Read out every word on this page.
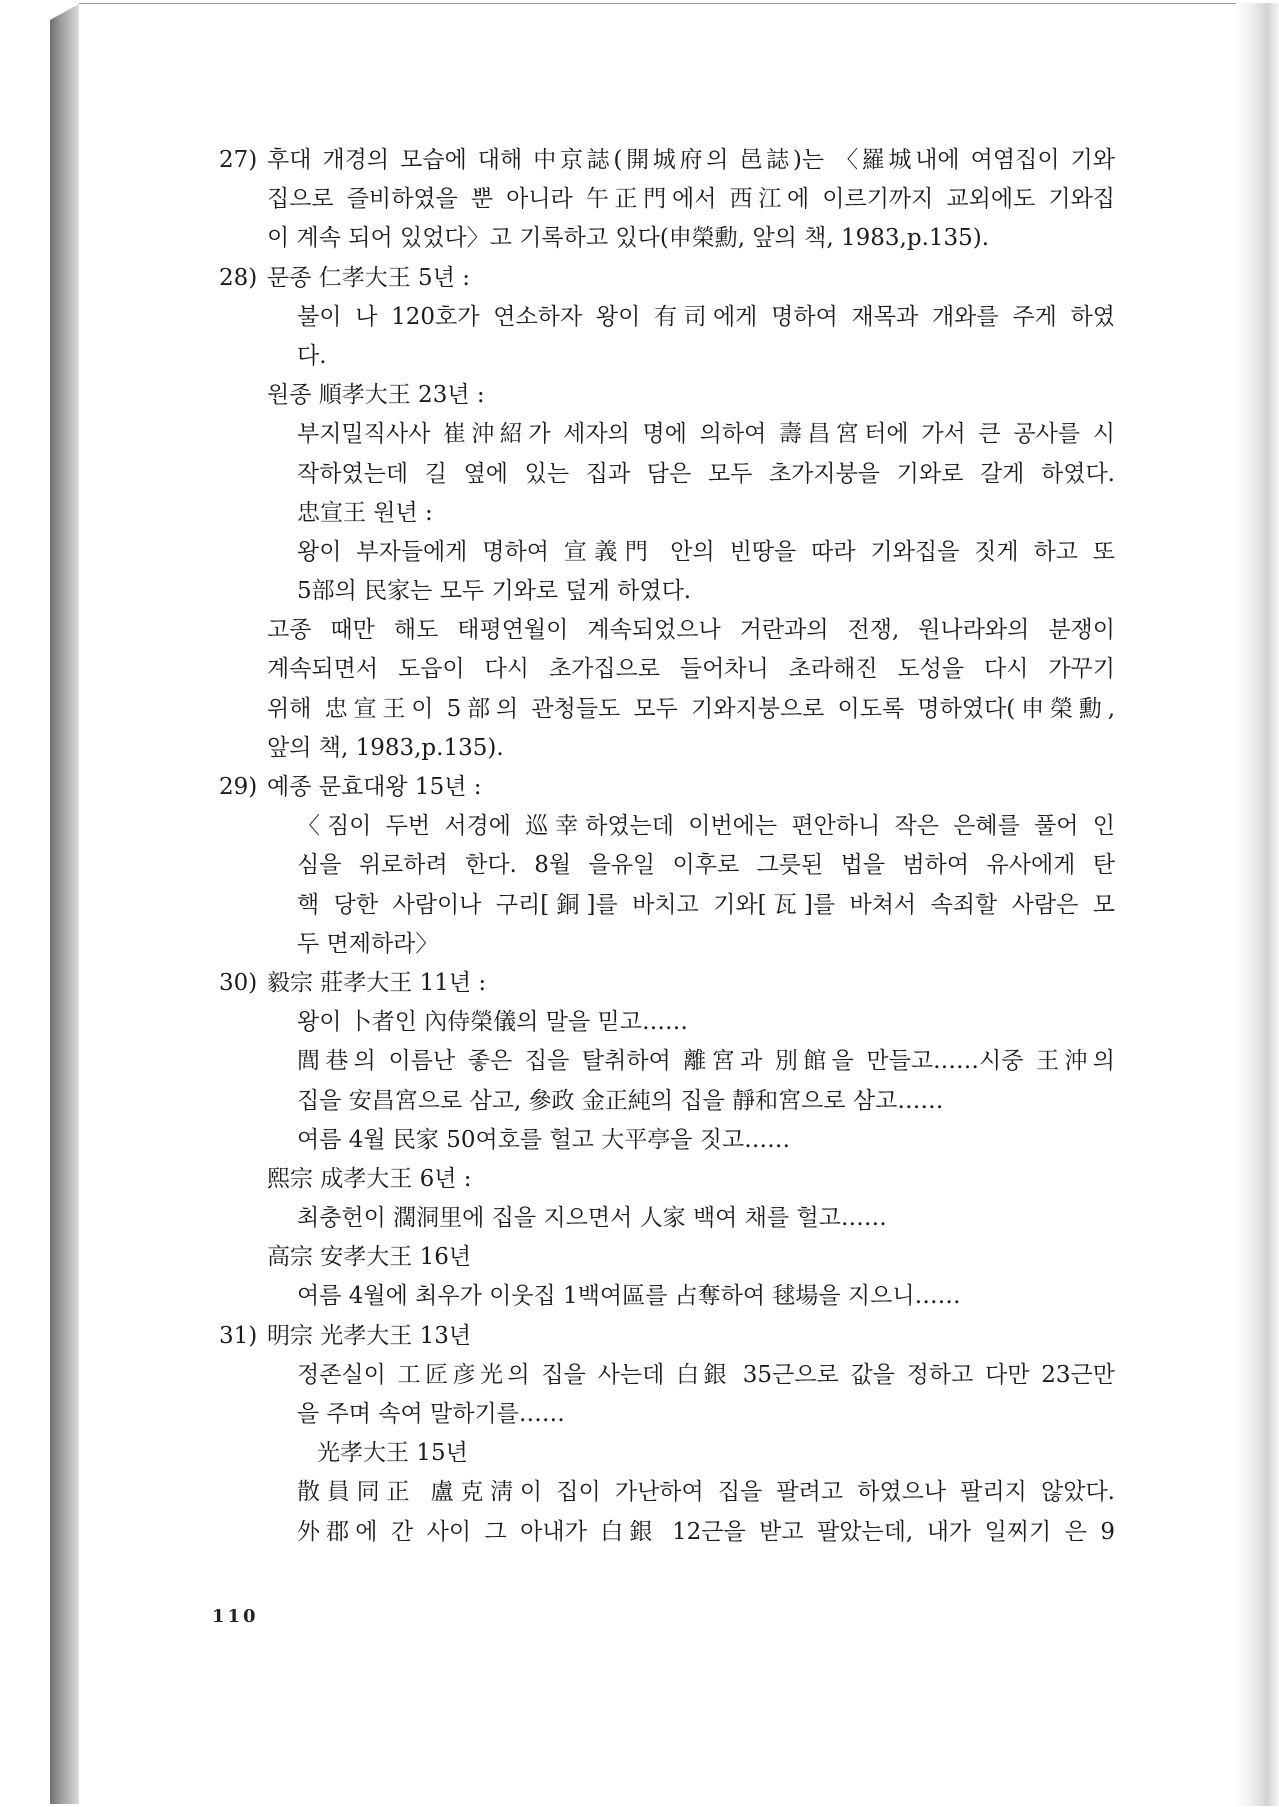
27) 후대 개경의 모습에 대해 中京誌(開城府의 邑誌)는 〈羅城내에 여염집이 기와
집으로 즐비하였을 뿐 아니라 午正門에서 西江에 이르기까지 교외에도 기와집
이 계속 되어 있었다〉고 기록하고 있다(申榮勳, 앞의 책, 1983,p.135).
28) 문종 仁孝大王 5년 :
불이 나 120호가 연소하자 왕이 有司에게 명하여 재목과 개와를 주게 하였
다.
원종 順孝大王 23년 :
부지밀직사사 崔沖紹가 세자의 명에 의하여 壽昌宮터에 가서 큰 공사를 시
작하였는데 길 옆에 있는 집과 담은 모두 초가지붕을 기와로 갈게 하였다.
忠宣王 원년 :
왕이 부자들에게 명하여 宣義門 안의 빈땅을 따라 기와집을 짓게 하고 또
5部의 民家는 모두 기와로 덮게 하였다.
고종 때만 해도 태평연월이 계속되었으나 거란과의 전쟁, 원나라와의 분쟁이
계속되면서 도읍이 다시 초가집으로 들어차니 초라해진 도성을 다시 가꾸기
위해 忠宣王이 5部의 관청들도 모두 기와지붕으로 이도록 명하였다(申榮勳,
앞의 책, 1983,p.135).
29) 예종 문효대왕 15년 :
〈짐이 두번 서경에 巡幸하였는데 이번에는 편안하니 작은 은혜를 풀어 인
심을 위로하려 한다. 8월 을유일 이후로 그릇된 법을 범하여 유사에게 탄
핵 당한 사람이나 구리[銅]를 바치고 기와[瓦]를 바쳐서 속죄할 사람은 모
두 면제하라〉
30) 毅宗 莊孝大王 11년 :
왕이 卜者인 內侍榮儀의 말을 믿고……
閭巷의 이름난 좋은 집을 탈취하여 離宮과 別館을 만들고……시중 王沖의
집을 安昌宮으로 삼고, 參政 金正純의 집을 靜和宮으로 삼고……
여름 4월 民家 50여호를 헐고 大平亭을 짓고……
熙宗 成孝大王 6년 :
최충헌이 濶洞里에 집을 지으면서 人家 백여 채를 헐고……
高宗 安孝大王 16년
여름 4월에 최우가 이웃집 1백여區를 占奪하여 毬場을 지으니……
31) 明宗 光孝大王 13년
정존실이 工匠彦光의 집을 사는데 白銀 35근으로 값을 정하고 다만 23근만
을 주며 속여 말하기를……
光孝大王 15년
散員同正 盧克淸이 집이 가난하여 집을 팔려고 하였으나 팔리지 않았다.
外郡에 간 사이 그 아내가 白銀 12근을 받고 팔았는데, 내가 일찌기 은 9
110
